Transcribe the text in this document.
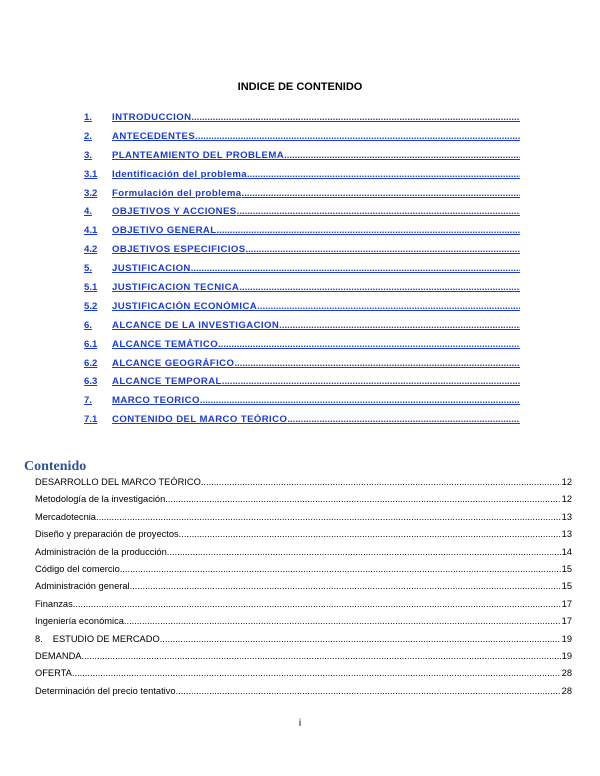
INDICE DE CONTENIDO
1.	INTRODUCCION
.....
2.	ANTECEDENTES
.....
3.	PLANTEAMIENTO DEL PROBLEMA
.....
3.1	Identificación del problema
.....
3.2	Formulación del problema
.....
4.	OBJETIVOS Y ACCIONES
.....
4.1	OBJETIVO GENERAL
.....
4.2	OBJETIVOS ESPECIFICIOS
.....
5.	JUSTIFICACION
.....
5.1	JUSTIFICACION TECNICA
.....
5.2	JUSTIFICACIÓN ECONÓMICA
.....
6.	ALCANCE DE LA INVESTIGACION
.....
6.1	ALCANCE TEMÁTICO
.....
6.2	ALCANCE GEOGRÁFICO
.....
6.3	ALCANCE TEMPORAL
.....
7.	MARCO TEORICO
.....
7.1	CONTENIDO DEL MARCO TEÓRICO
.....
Contenido
DESARROLLO DEL MARCO TEÓRICO .....	12
Metodología de la investigación .....	12
Mercadotecnia .....	13
Diseño y preparación de proyectos .....	13
Administración de la producción .....	14
Código del comercio .....	15
Administración general .....	15
Finanzas .....	17
Ingeniería económica .....	17
8. ESTUDIO DE MERCADO .....	19
DEMANDA .....	19
OFERTA .....	28
Determinación del precio tentativo .....	28
i
